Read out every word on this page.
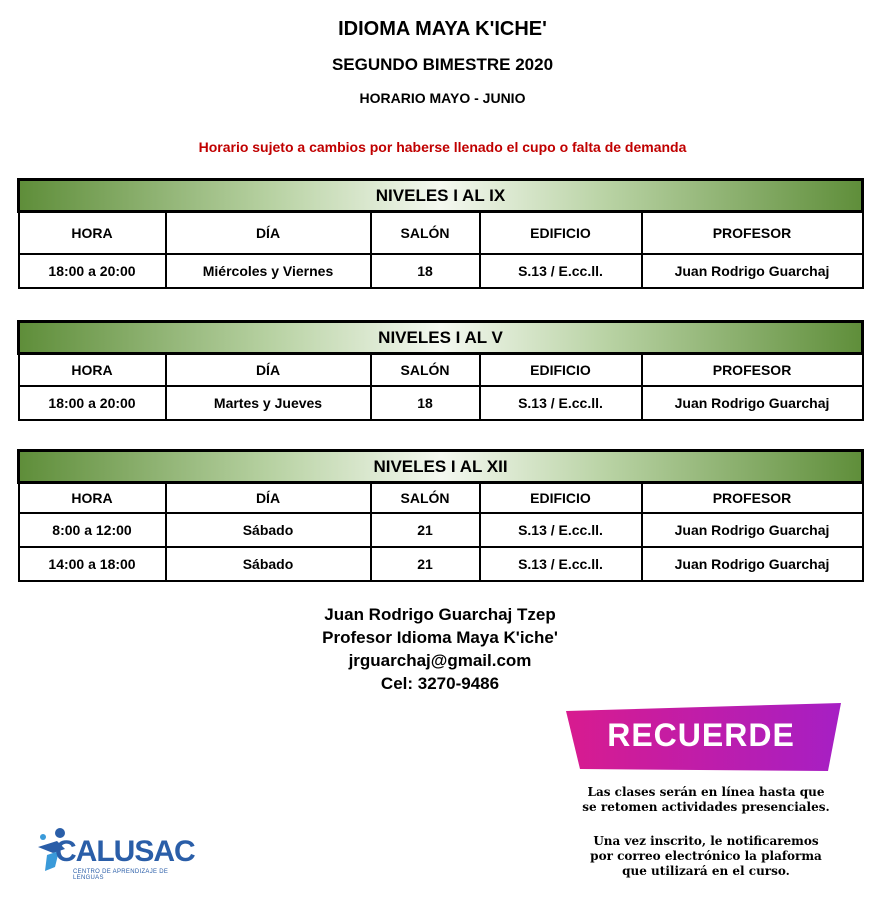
IDIOMA MAYA K'ICHE'
SEGUNDO BIMESTRE 2020
HORARIO MAYO - JUNIO
Horario sujeto a cambios por haberse llenado el cupo o falta de demanda
NIVELES I AL IX				
HORA	DÍA	SALÓN	EDIFICIO	PROFESOR
18:00 a 20:00	Miércoles y Viernes	18	S.13 / E.cc.ll.	Juan Rodrigo Guarchaj
NIVELES I AL V				
HORA	DÍA	SALÓN	EDIFICIO	PROFESOR
18:00 a 20:00	Martes y Jueves	18	S.13 / E.cc.ll.	Juan Rodrigo Guarchaj
NIVELES I AL XII				
HORA	DÍA	SALÓN	EDIFICIO	PROFESOR
8:00 a 12:00	Sábado	21	S.13 / E.cc.ll.	Juan Rodrigo Guarchaj
14:00 a 18:00	Sábado	21	S.13 / E.cc.ll.	Juan Rodrigo Guarchaj
Juan Rodrigo Guarchaj Tzep
Profesor Idioma Maya K'iche'
jrguarchaj@gmail.com
Cel: 3270-9486
RECUERDE
Las clases serán en línea hasta que
se retomen actividades presenciales.
Una vez inscrito, le notificaremos
por correo electrónico la plaforma
que utilizará en el curso.
CALUSAC
CENTRO DE APRENDIZAJE DE LENGUAS
